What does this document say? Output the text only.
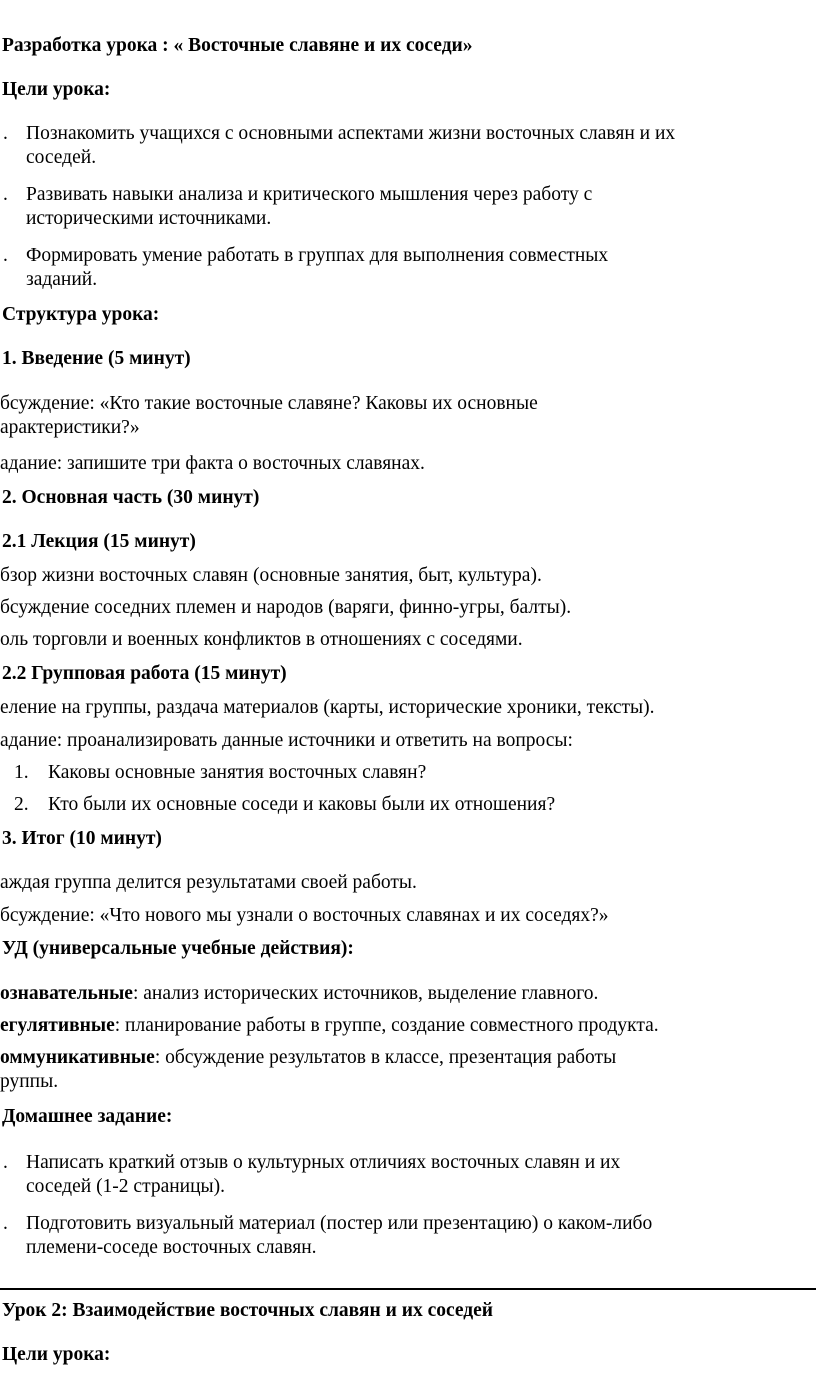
Разработка урока : « Восточные славяне и их соседи»
Цели урока:
. Познакомить учащихся с основными аспектами жизни восточных славян и их
соседей.
. Развивать навыки анализа и критического мышления через работу с
историческими источниками.
. Формировать умение работать в группах для выполнения совместных
заданий.
Структура урока:
1. Введение (5 минут)
бсуждение: «Кто такие восточные славяне? Каковы их основные
арактеристики?»
адание: запишите три факта о восточных славянах.
2. Основная часть (30 минут)
2.1 Лекция (15 минут)
бзор жизни восточных славян (основные занятия, быт, культура).
бсуждение соседних племен и народов (варяги, финно-угры, балты).
оль торговли и военных конфликтов в отношениях с соседями.
2.2 Групповая работа (15 минут)
еление на группы, раздача материалов (карты, исторические хроники, тексты).
адание: проанализировать данные источники и ответить на вопросы:
1. Каковы основные занятия восточных славян?
2. Кто были их основные соседи и каковы были их отношения?
3. Итог (10 минут)
аждая группа делится результатами своей работы.
бсуждение: «Что нового мы узнали о восточных славянах и их соседях?»
УД (универсальные учебные действия):
ознавательные: анализ исторических источников, выделение главного.
егулятивные: планирование работы в группе, создание совместного продукта.
оммуникативные: обсуждение результатов в классе, презентация работы
руппы.
Домашнее задание:
. Написать краткий отзыв о культурных отличиях восточных славян и их
соседей (1-2 страницы).
. Подготовить визуальный материал (постер или презентацию) о каком-либо
племени-соседе восточных славян.
Урок 2: Взаимодействие восточных славян и их соседей
Цели урока:
